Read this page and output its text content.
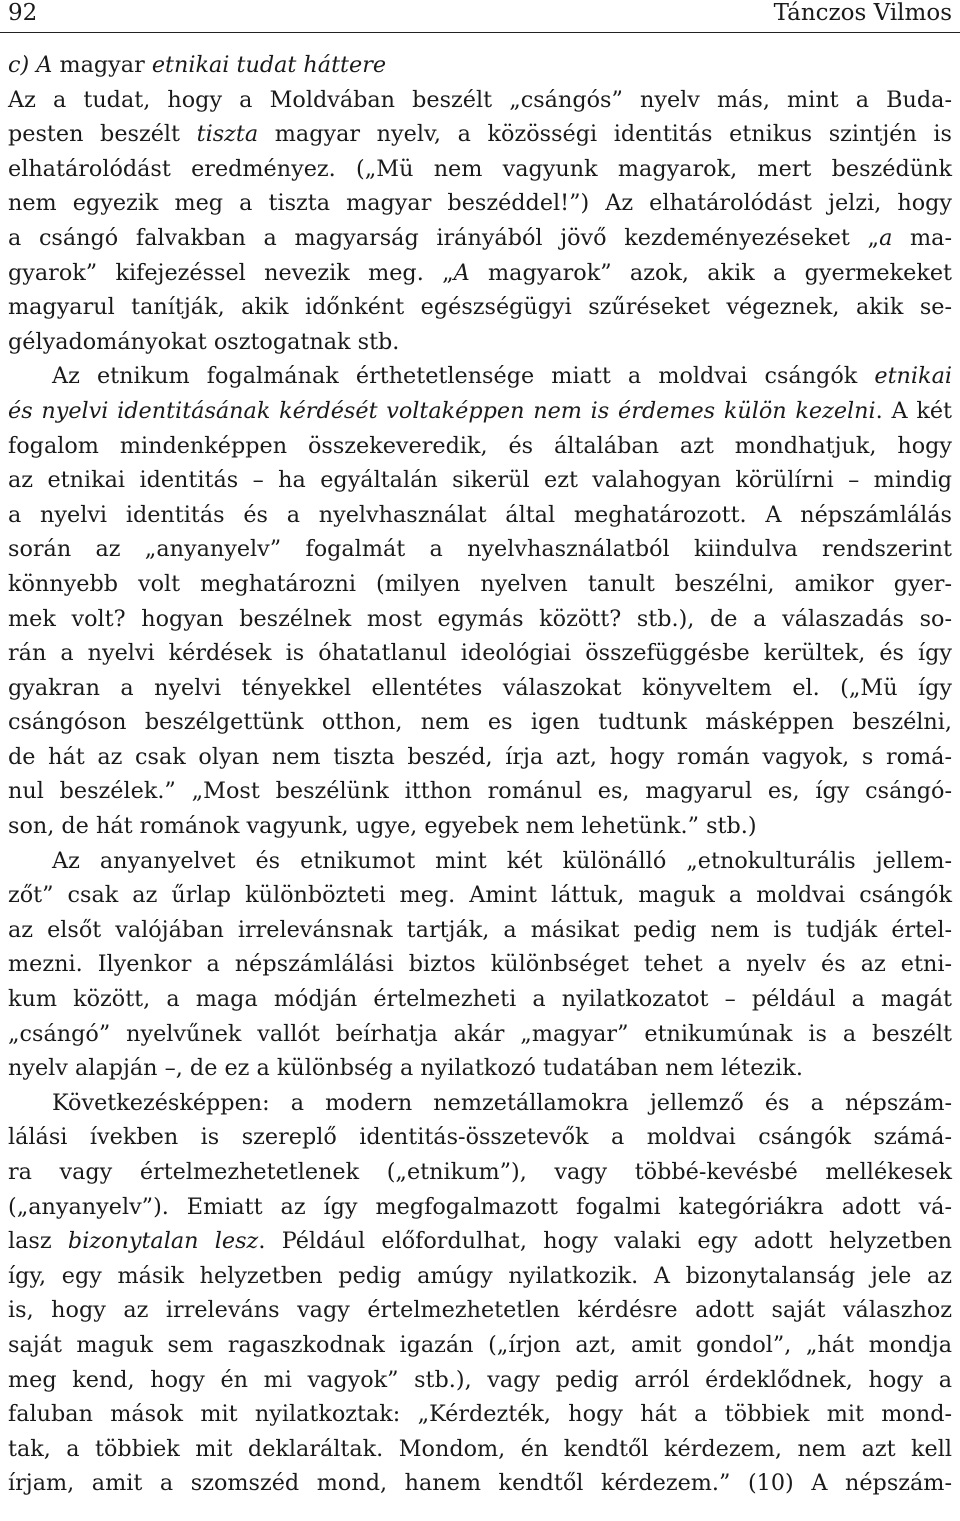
92	Tánczos Vilmos
c) A magyar etnikai tudat háttere
Az a tudat, hogy a Moldvában beszélt „csángós” nyelv más, mint a Buda-
pesten beszélt tiszta magyar nyelv, a közösségi identitás etnikus szintjén is
elhatárolódást eredményez. („Mü nem vagyunk magyarok, mert beszédünk
nem egyezik meg a tiszta magyar beszéddel!”) Az elhatárolódást jelzi, hogy
a csángó falvakban a magyarság irányából jövő kezdeményezéseket „a ma-
gyarok” kifejezéssel nevezik meg. „A magyarok” azok, akik a gyermekeket
magyarul tanítják, akik időnként egészségügyi szűréseket végeznek, akik se-
gélyadományokat osztogatnak stb.
Az etnikum fogalmának érthetetlensége miatt a moldvai csángók etnikai
és nyelvi identitásának kérdését voltaképpen nem is érdemes külön kezelni. A két
fogalom mindenképpen összekeveredik, és általában azt mondhatjuk, hogy
az etnikai identitás – ha egyáltalán sikerül ezt valahogyan körülírni – mindig
a nyelvi identitás és a nyelvhasználat által meghatározott. A népszámlálás
során az „anyanyelv” fogalmát a nyelvhasználatból kiindulva rendszerint
könnyebb volt meghatározni (milyen nyelven tanult beszélni, amikor gyer-
mek volt? hogyan beszélnek most egymás között? stb.), de a válaszadás so-
rán a nyelvi kérdések is óhatatlanul ideológiai összefüggésbe kerültek, és így
gyakran a nyelvi tényekkel ellentétes válaszokat könyveltem el. („Mü így
csángóson beszélgettünk otthon, nem es igen tudtunk másképpen beszélni,
de hát az csak olyan nem tiszta beszéd, írja azt, hogy román vagyok, s romá-
nul beszélek.” „Most beszélünk itthon románul es, magyarul es, így csángó-
son, de hát románok vagyunk, ugye, egyebek nem lehetünk.” stb.)
Az anyanyelvet és etnikumot mint két különálló „etnokulturális jellem-
zőt” csak az űrlap különbözteti meg. Amint láttuk, maguk a moldvai csángók
az elsőt valójában irrelevánsnak tartják, a másikat pedig nem is tudják értel-
mezni. Ilyenkor a népszámlálási biztos különbséget tehet a nyelv és az etni-
kum között, a maga módján értelmezheti a nyilatkozatot – például a magát
„csángó” nyelvűnek vallót beírhatja akár „magyar” etnikumúnak is a beszélt
nyelv alapján –, de ez a különbség a nyilatkozó tudatában nem létezik.
Következésképpen: a modern nemzetállamokra jellemző és a népszám-
lálási ívekben is szereplő identitás-összetevők a moldvai csángók számá-
ra vagy értelmezhetetlenek („etnikum”), vagy többé-kevésbé mellékesek
(„anyanyelv”). Emiatt az így megfogalmazott fogalmi kategóriákra adott vá-
lasz bizonytalan lesz. Például előfordulhat, hogy valaki egy adott helyzetben
így, egy másik helyzetben pedig amúgy nyilatkozik. A bizonytalanság jele az
is, hogy az irreleváns vagy értelmezhetetlen kérdésre adott saját válaszhoz
saját maguk sem ragaszkodnak igazán („írjon azt, amit gondol”, „hát mondja
meg kend, hogy én mi vagyok” stb.), vagy pedig arról érdeklődnek, hogy a
faluban mások mit nyilatkoztak: „Kérdezték, hogy hát a többiek mit mond-
tak, a többiek mit deklaráltak. Mondom, én kendtől kérdezem, nem azt kell
írjam, amit a szomszéd mond, hanem kendtől kérdezem.” (10) A népszám-
